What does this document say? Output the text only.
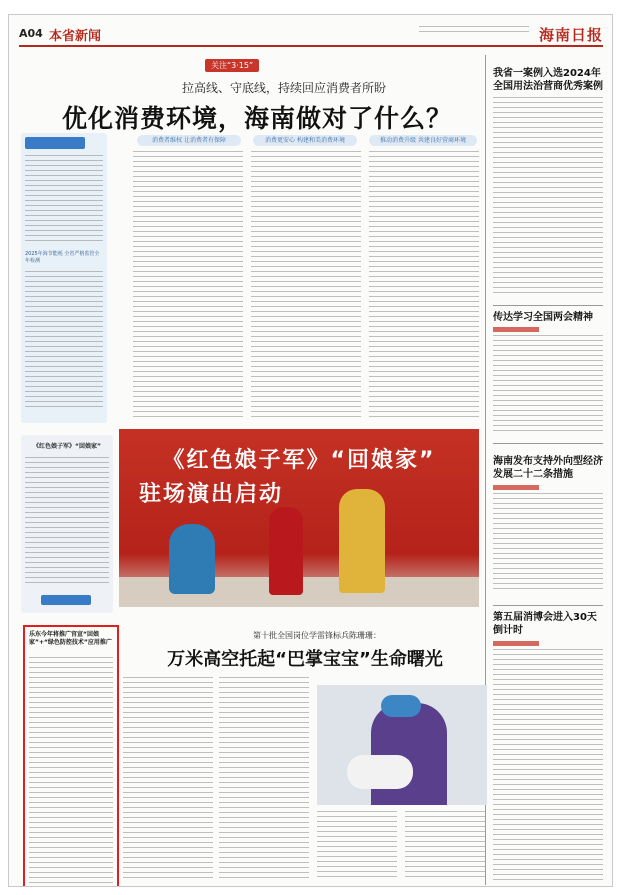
A04 本省新闻	海南日报
关注“3·15”
拉高线、守底线，持续回应消费者所盼
优化消费环境，海南做对了什么？
2025年海节能耗 全省严格监管全年检测
消费者维权 让消费者有保障	消费更安心 构建和美消费环境	推动消费升级 共建良好营商环境
《红色娘子军》“回娘家”
《红色娘子军》“回娘家”
驻场演出启动
乐东今年将推广官宣“回娘家”+“绿色防控技术”应用推广
第十批全国岗位学雷锋标兵陈珊珊：
万米高空托起“巴掌宝宝”生命曙光
我省一案例入选2024年全国用法治营商优秀案例
传达学习全国两会精神
海南发布支持外向型经济发展二十二条措施
第五届消博会进入30天倒计时
